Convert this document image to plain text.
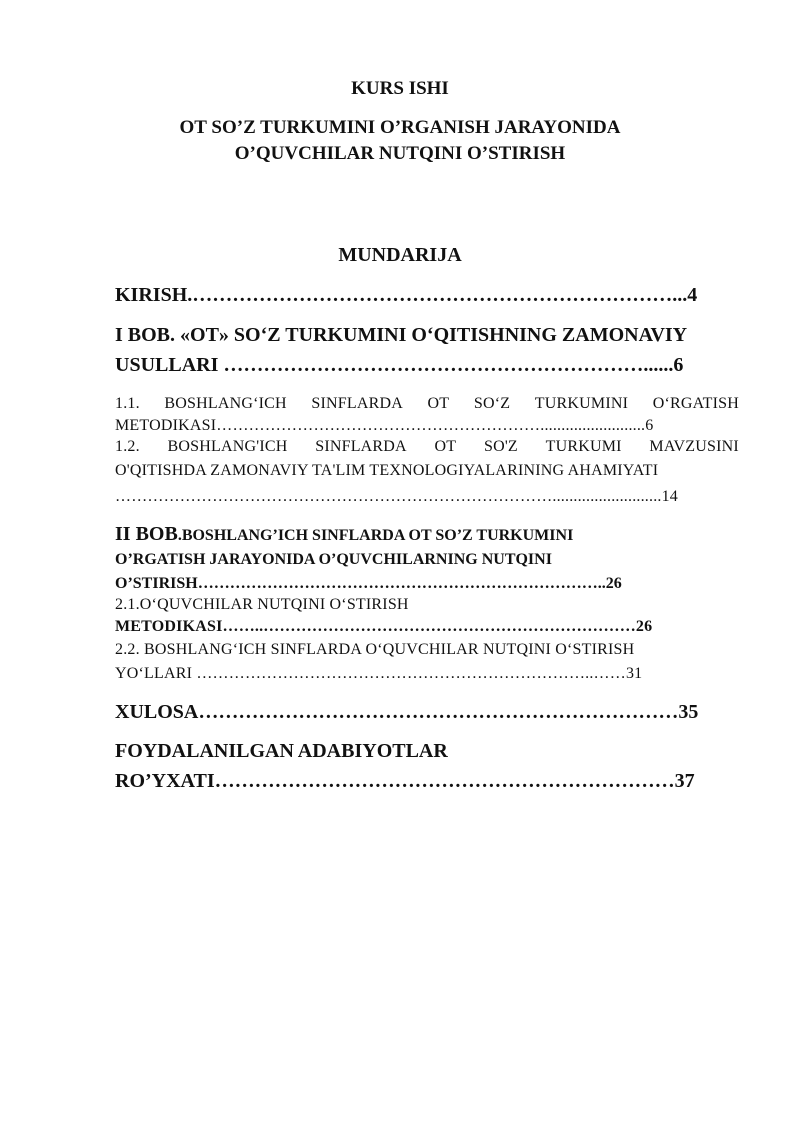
KURS ISHI
OT SO’Z TURKUMINI O’RGANISH JARAYONIDA
O’QUVCHILAR NUTQINI O’STIRISH
MUNDARIJA
KIRISH.………………………………………………………………...4
I BOB. «OT» SO‘Z TURKUMINI O‘QITISHNING ZAMONAVIY
USULLARI ………………………………………………………......6
1.1. BOSHLANG‘ICH SINFLARDA OT SO‘Z TURKUMINI O‘RGATISH
METODIKASI…………………………………………………….........................6
1.2. BOSHLANG'ICH SINFLARDA OT SO'Z TURKUMI MAVZUSINI
O'QITISHDA ZAMONAVIY TA'LIM TEXNOLOGIYALARINING AHAMIYATI
………………………………………………………………………..........................14
II BOB.BOSHLANG’ICH SINFLARDA OT SO’Z TURKUMINI
O’RGATISH JARAYONIDA O’QUVCHILARNING NUTQINI
O’STIRISH…………………………………………………………………..26
2.1.O‘QUVCHILAR NUTQINI O‘STIRISH
METODIKASI……..……………………………………………………………26
2.2. BOSHLANG‘ICH SINFLARDA O‘QUVCHILAR NUTQINI O‘STIRISH
YO‘LLARI ………………………………………………………………..……31
XULOSA………………………………………………………………35
FOYDALANILGAN ADABIYOTLAR
RO’YXATI……………………………………………………………37
